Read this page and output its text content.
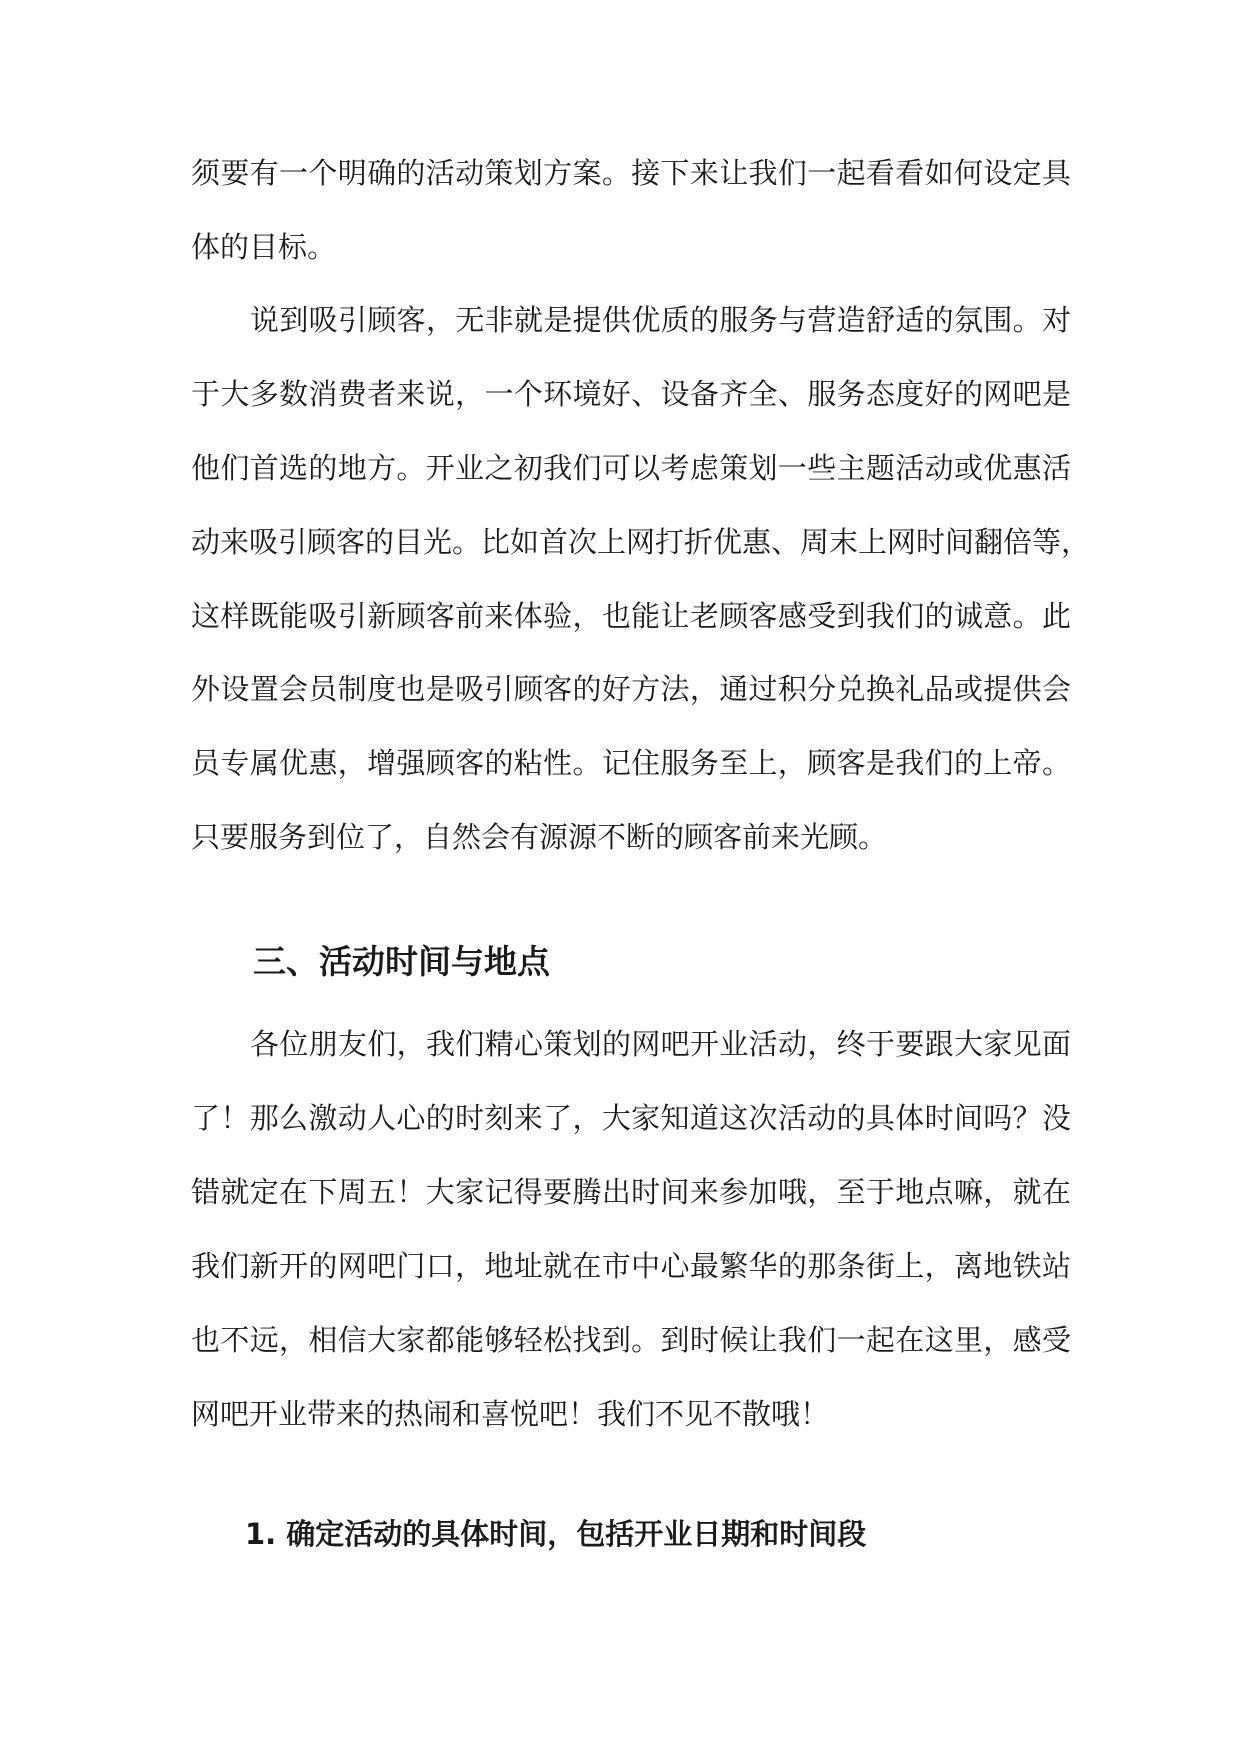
须要有一个明确的活动策划方案。接下来让我们一起看看如何设定具
体的目标。
说到吸引顾客，无非就是提供优质的服务与营造舒适的氛围。对
于大多数消费者来说，一个环境好、设备齐全、服务态度好的网吧是
他们首选的地方。开业之初我们可以考虑策划一些主题活动或优惠活
动来吸引顾客的目光。比如首次上网打折优惠、周末上网时间翻倍等，
这样既能吸引新顾客前来体验，也能让老顾客感受到我们的诚意。此
外设置会员制度也是吸引顾客的好方法，通过积分兑换礼品或提供会
员专属优惠，增强顾客的粘性。记住服务至上，顾客是我们的上帝。
只要服务到位了，自然会有源源不断的顾客前来光顾。
三、活动时间与地点
各位朋友们，我们精心策划的网吧开业活动，终于要跟大家见面
了！那么激动人心的时刻来了，大家知道这次活动的具体时间吗？没
错就定在下周五！大家记得要腾出时间来参加哦，至于地点嘛，就在
我们新开的网吧门口，地址就在市中心最繁华的那条街上，离地铁站
也不远，相信大家都能够轻松找到。到时候让我们一起在这里，感受
网吧开业带来的热闹和喜悦吧！我们不见不散哦！
1. 确定活动的具体时间，包括开业日期和时间段
